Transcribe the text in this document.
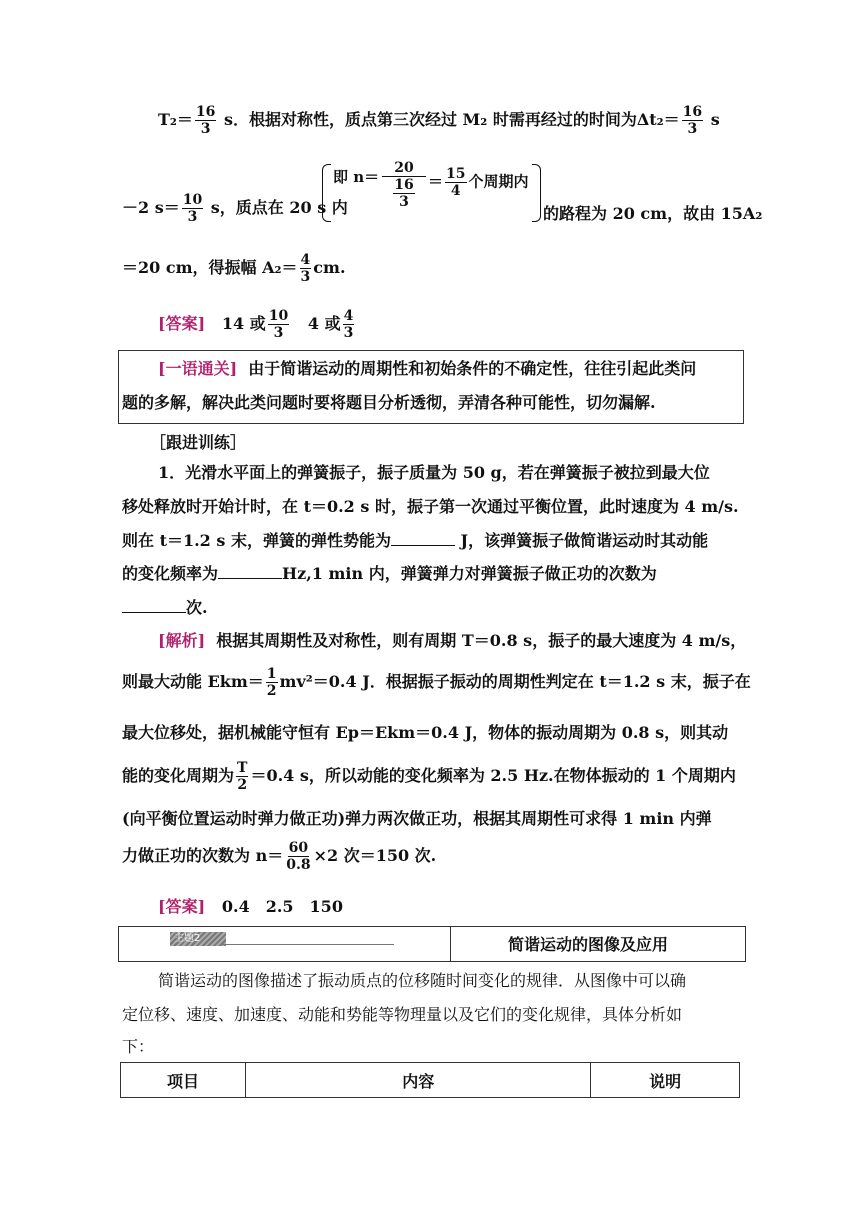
$T_2= \frac{16}{3}$ s．根据对称性，质点第三次经过 M₂ 时需再经过的时间为$\Delta t_2= \frac{16}{3}$ s
－2 $s= \frac{10}{3}$ s，质点在 20 s 内
即 n＝	20
16
3
＝ $\frac{15}{4}$ 个周期内
的路程为 20 cm，故由 15A₂
＝20 cm，得振幅 $A_2= \frac{4}{3}$ cm.
[答案] 14 或 $\frac{10}{3} 4$ 或 $\frac{4}{3}$
[一语通关] 由于简谐运动的周期性和初始条件的不确定性，往往引起此类问
题的多解，解决此类问题时要将题目分析透彻，弄清各种可能性，切勿漏解.
［跟进训练］
1．光滑水平面上的弹簧振子，振子质量为 50 g，若在弹簧振子被拉到最大位
移处释放时开始计时，在 t＝0.2 s 时，振子第一次通过平衡位置，此时速度为 4 m/s.
则在 t＝1.2 s 末，弹簧的弹性势能为	J，该弹簧振子做简谐运动时其动能
的变化频率为	Hz,1 min 内，弹簧弹力对弹簧振子做正功的次数为
次.
[解析] 根据其周期性及对称性，则有周期 T＝0.8 s，振子的最大速度为 4 m/s，
则最大动能 $Ekm= \frac{1}{2} mv^2=0.4$ J．根据振子振动的周期性判定在 t＝1.2 s 末，振子在
最大位移处，据机械能守恒有 Ep＝Ekm＝0.4 J，物体的振动周期为 0.8 s，则其动
能的变化周期为 $\frac{T}{2} =0.4$ s，所以动能的变化频率为 2.5 Hz.在物体振动的 1 个周期内
(向平衡位置运动时弹力做正功)弹力两次做正功，根据其周期性可求得 1 min 内弹
力做正功的次数为 $n= \frac{60}{0.8} \times 2$ 次＝150 次.
[答案] 0.4　2.5　150
主题2	简谐运动的图像及应用
简谐运动的图像描述了振动质点的位移随时间变化的规律．从图像中可以确
定位移、速度、加速度、动能和势能等物理量以及它们的变化规律，具体分析如
下：
项目	内容	说明
